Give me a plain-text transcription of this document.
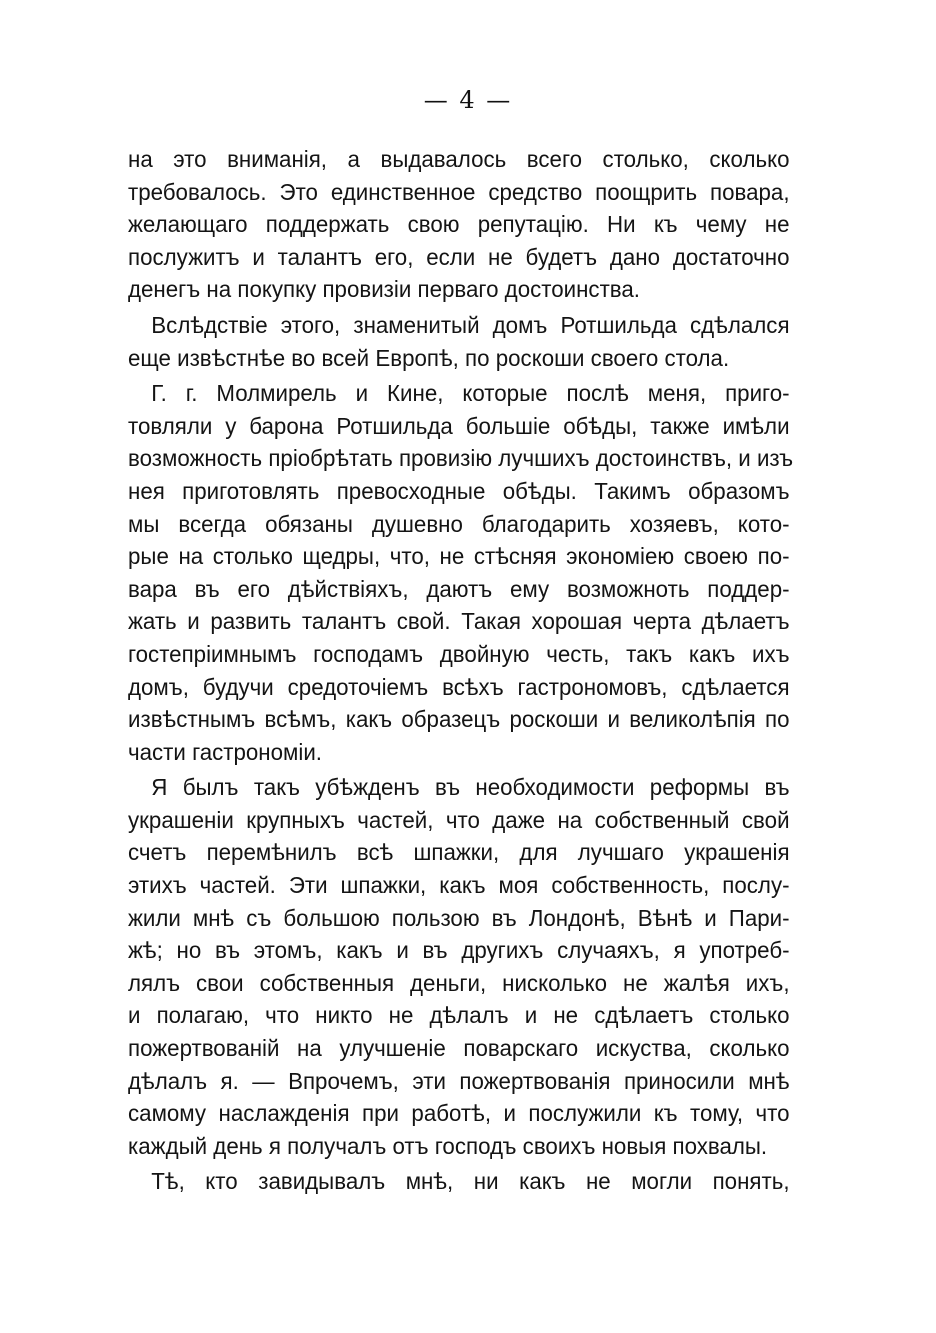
— 4 —
на это вниманія, а выдавалось всего столько, сколько
требовалось. Это единственное средство поощрить повара,
желающаго поддержать свою репутацію. Ни къ чему не
послужитъ и талантъ его, если не будетъ дано достаточно
денегъ на покупку провизіи перваго достоинства.
Вслѣдствіе этого, знаменитый домъ Ротшильда сдѣлался
еще извѣстнѣе во всей Европѣ, по роскоши своего стола.
Г. г. Молмирель и Кине, которые послѣ меня, приго-
товляли у барона Ротшильда большіе обѣды, также имѣли
возможность пріобрѣтать провизію лучшихъ достоинствъ, и изъ
нея приготовлять превосходные обѣды. Такимъ образомъ
мы всегда обязаны душевно благодарить хозяевъ, кото-
рые на столько щедры, что, не стѣсняя экономіею своею по-
вара въ его дѣйствіяхъ, даютъ ему возможноть поддер-
жать и развить талантъ свой. Такая хорошая черта дѣлаетъ
гостепріимнымъ господамъ двойную честь, такъ какъ ихъ
домъ, будучи средоточіемъ всѣхъ гастрономовъ, сдѣлается
извѣстнымъ всѣмъ, какъ образецъ роскоши и великолѣпія по
части гастрономіи.
Я былъ такъ убѣжденъ въ необходимости реформы въ
украшеніи крупныхъ частей, что даже на собственный свой
счетъ перемѣнилъ всѣ шпажки, для лучшаго украшенія
этихъ частей. Эти шпажки, какъ моя собственность, послу-
жили мнѣ съ большою пользою въ Лондонѣ, Вѣнѣ и Пари-
жѣ; но въ этомъ, какъ и въ другихъ случаяхъ, я употреб-
лялъ свои собственныя деньги, нисколько не жалѣя ихъ,
и полагаю, что никто не дѣлалъ и не сдѣлаетъ столько
пожертвованій на улучшеніе поварскаго искуства, сколько
дѣлалъ я. — Впрочемъ, эти пожертвованія приносили мнѣ
самому наслажденія при работѣ, и послужили къ тому, что
каждый день я получалъ отъ господъ своихъ новыя похвалы.
Тѣ, кто завидывалъ мнѣ, ни какъ не могли понять,
